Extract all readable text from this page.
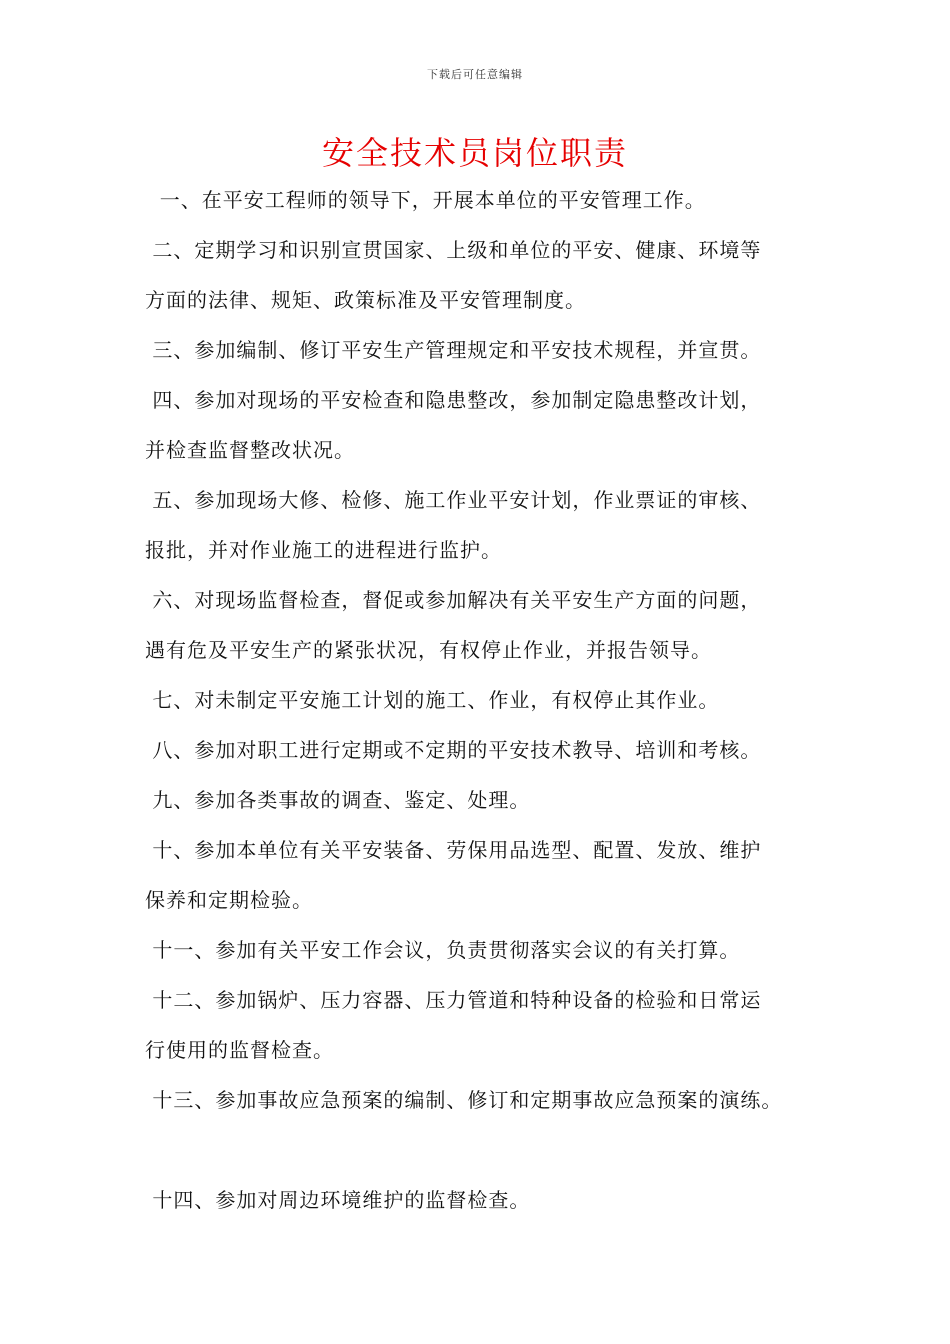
下载后可任意编辑
安全技术员岗位职责
一、在平安工程师的领导下，开展本单位的平安管理工作。
二、定期学习和识别宣贯国家、上级和单位的平安、健康、环境等
方面的法律、规矩、政策标准及平安管理制度。
三、参加编制、修订平安生产管理规定和平安技术规程，并宣贯。
四、参加对现场的平安检查和隐患整改，参加制定隐患整改计划，
并检查监督整改状况。
五、参加现场大修、检修、施工作业平安计划，作业票证的审核、
报批，并对作业施工的进程进行监护。
六、对现场监督检查，督促或参加解决有关平安生产方面的问题，
遇有危及平安生产的紧张状况，有权停止作业，并报告领导。
七、对未制定平安施工计划的施工、作业，有权停止其作业。
八、参加对职工进行定期或不定期的平安技术教导、培训和考核。
九、参加各类事故的调查、鉴定、处理。
十、参加本单位有关平安装备、劳保用品选型、配置、发放、维护
保养和定期检验。
十一、参加有关平安工作会议，负责贯彻落实会议的有关打算。
十二、参加锅炉、压力容器、压力管道和特种设备的检验和日常运
行使用的监督检查。
十三、参加事故应急预案的编制、修订和定期事故应急预案的演练。
十四、参加对周边环境维护的监督检查。
